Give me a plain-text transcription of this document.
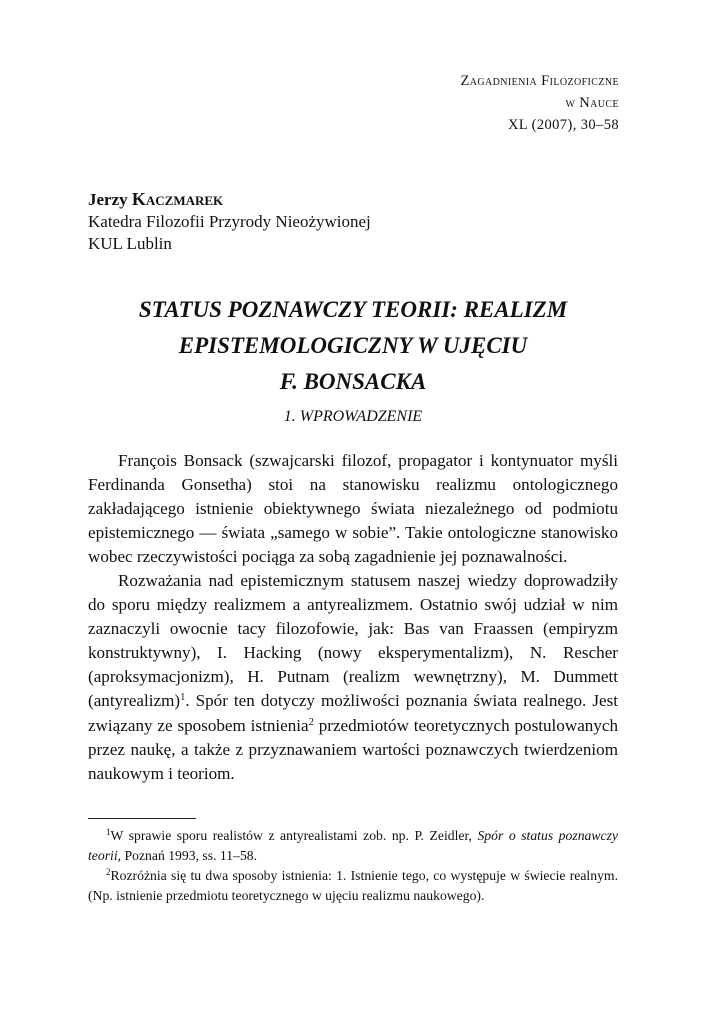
Zagadnienia Filozoficzne
w Nauce
XL (2007), 30–58
Jerzy Kaczmarek
Katedra Filozofii Przyrody Nieożywionej
KUL Lublin
STATUS POZNAWCZY TEORII: REALIZM
EPISTEMOLOGICZNY W UJĘCIU
F. BONSACKA
1. WPROWADZENIE

François Bonsack (szwajcarski filozof, propagator i kontynuator myśli Ferdinanda Gonsetha) stoi na stanowisku realizmu ontologicznego zakładającego istnienie obiektywnego świata niezależnego od podmiotu epistemicznego — świata „samego w sobie”. Takie ontologiczne stanowisko wobec rzeczywistości pociąga za sobą zagadnienie jej poznawalności.

Rozważania nad epistemicznym statusem naszej wiedzy doprowadziły do sporu między realizmem a antyrealizmem. Ostatnio swój udział w nim zaznaczyli owocnie tacy filozofowie, jak: Bas van Fraassen (empiryzm konstruktywny), I. Hacking (nowy eksperymentalizm), N. Rescher (aproksymacjonizm), H. Putnam (realizm wewnętrzny), M. Dummett (antyrealizm)$^1$. Spór ten dotyczy możliwości poznania świata realnego. Jest związany ze sposobem istnienia$^2$ przedmiotów teoretycznych postulowanych przez naukę, a także z przyznawaniem wartości poznawczych twierdzeniom naukowym i teoriom.

$^1$W sprawie sporu realistów z antyrealistami zob. np. P. Zeidler, Spór o status poznawczy teorii, Poznań 1993, ss. 11–58.

$^2$Rozróżnia się tu dwa sposoby istnienia: 1. Istnienie tego, co występuje w świecie realnym. (Np. istnienie przedmiotu teoretycznego w ujęciu realizmu naukowego).
